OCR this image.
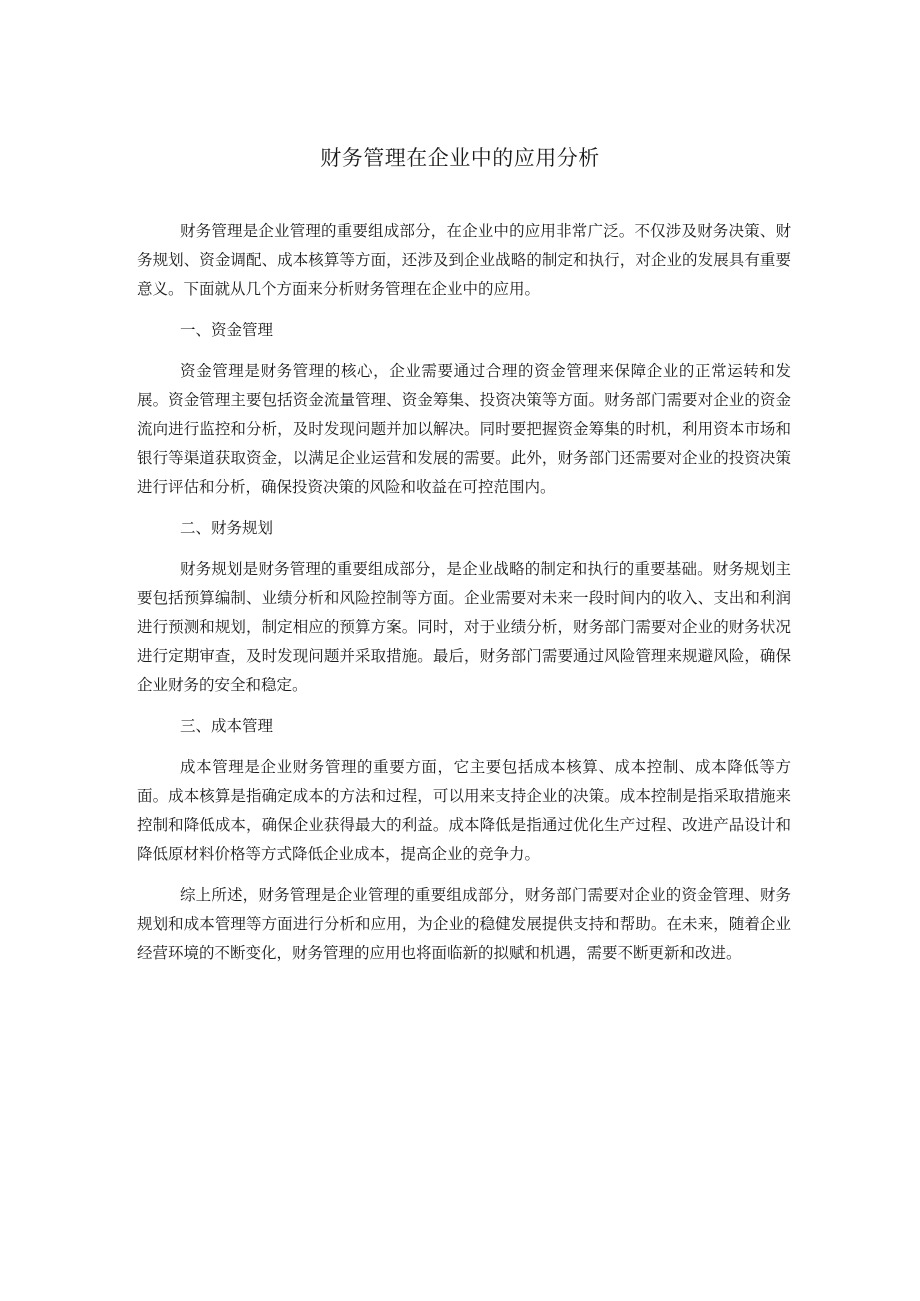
财务管理在企业中的应用分析

财务管理是企业管理的重要组成部分，在企业中的应用非常广泛。不仅涉及财务决策、财务规划、资金调配、成本核算等方面，还涉及到企业战略的制定和执行，对企业的发展具有重要意义。下面就从几个方面来分析财务管理在企业中的应用。

一、资金管理

资金管理是财务管理的核心，企业需要通过合理的资金管理来保障企业的正常运转和发展。资金管理主要包括资金流量管理、资金筹集、投资决策等方面。财务部门需要对企业的资金流向进行监控和分析，及时发现问题并加以解决。同时要把握资金筹集的时机，利用资本市场和银行等渠道获取资金，以满足企业运营和发展的需要。此外，财务部门还需要对企业的投资决策进行评估和分析，确保投资决策的风险和收益在可控范围内。

二、财务规划

财务规划是财务管理的重要组成部分，是企业战略的制定和执行的重要基础。财务规划主要包括预算编制、业绩分析和风险控制等方面。企业需要对未来一段时间内的收入、支出和利润进行预测和规划，制定相应的预算方案。同时，对于业绩分析，财务部门需要对企业的财务状况进行定期审查，及时发现问题并采取措施。最后，财务部门需要通过风险管理来规避风险，确保企业财务的安全和稳定。

三、成本管理

成本管理是企业财务管理的重要方面，它主要包括成本核算、成本控制、成本降低等方面。成本核算是指确定成本的方法和过程，可以用来支持企业的决策。成本控制是指采取措施来控制和降低成本，确保企业获得最大的利益。成本降低是指通过优化生产过程、改进产品设计和降低原材料价格等方式降低企业成本，提高企业的竞争力。

综上所述，财务管理是企业管理的重要组成部分，财务部门需要对企业的资金管理、财务规划和成本管理等方面进行分析和应用，为企业的稳健发展提供支持和帮助。在未来，随着企业经营环境的不断变化，财务管理的应用也将面临新的拟赋和机遇，需要不断更新和改进。
